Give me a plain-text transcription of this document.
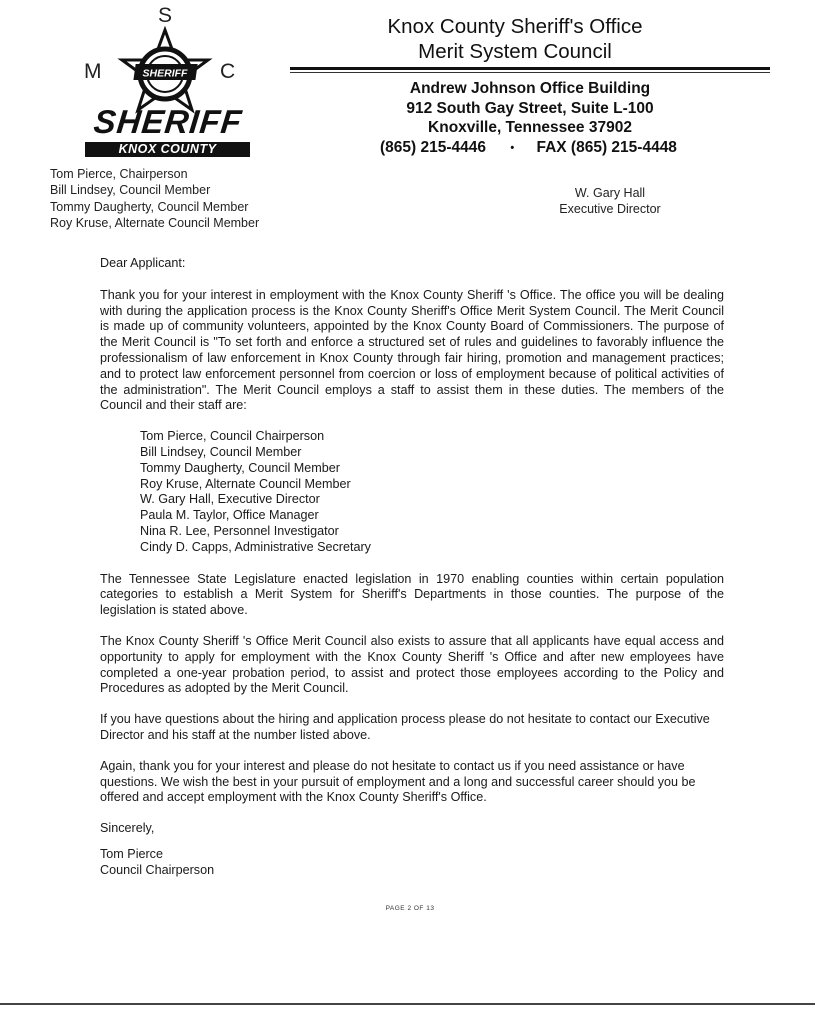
S
M	C
SHERIFF
SHERIFF
KNOX COUNTY
Knox County Sheriff's Office
Merit System Council
Andrew Johnson Office Building
912 South Gay Street, Suite L-100
Knoxville, Tennessee 37902
(865) 215-4446 • FAX (865) 215-4448
Tom Pierce, Chairperson
Bill Lindsey, Council Member
Tommy Daugherty, Council Member
Roy Kruse, Alternate Council Member
W. Gary Hall
Executive Director

Dear Applicant:

Thank you for your interest in employment with the Knox County Sheriff 's Office. The office you will be dealing with during the application process is the Knox County Sheriff's Office Merit System Council. The Merit Council is made up of community volunteers, appointed by the Knox County Board of Commissioners. The purpose of the Merit Council is "To set forth and enforce a structured set of rules and guidelines to favorably influence the professionalism of law enforcement in Knox County through fair hiring, promotion and management practices; and to protect law enforcement personnel from coercion or loss of employment because of political activities of the administration". The Merit Council employs a staff to assist them in these duties. The members of the Council and their staff are:

Tom Pierce, Council Chairperson
Bill Lindsey, Council Member
Tommy Daugherty, Council Member
Roy Kruse, Alternate Council Member
W. Gary Hall, Executive Director
Paula M. Taylor, Office Manager
Nina R. Lee, Personnel Investigator
Cindy D. Capps, Administrative Secretary

The Tennessee State Legislature enacted legislation in 1970 enabling counties within certain population categories to establish a Merit System for Sheriff's Departments in those counties. The purpose of the legislation is stated above.

The Knox County Sheriff 's Office Merit Council also exists to assure that all applicants have equal access and opportunity to apply for employment with the Knox County Sheriff 's Office and after new employees have completed a one-year probation period, to assist and protect those employees according to the Policy and Procedures as adopted by the Merit Council.

If you have questions about the hiring and application process please do not hesitate to contact our Executive Director and his staff at the number listed above.

Again, thank you for your interest and please do not hesitate to contact us if you need assistance or have questions. We wish the best in your pursuit of employment and a long and successful career should you be offered and accept employment with the Knox County Sheriff's Office.

Sincerely,

Tom Pierce
Council Chairperson
PAGE 2 OF 13
